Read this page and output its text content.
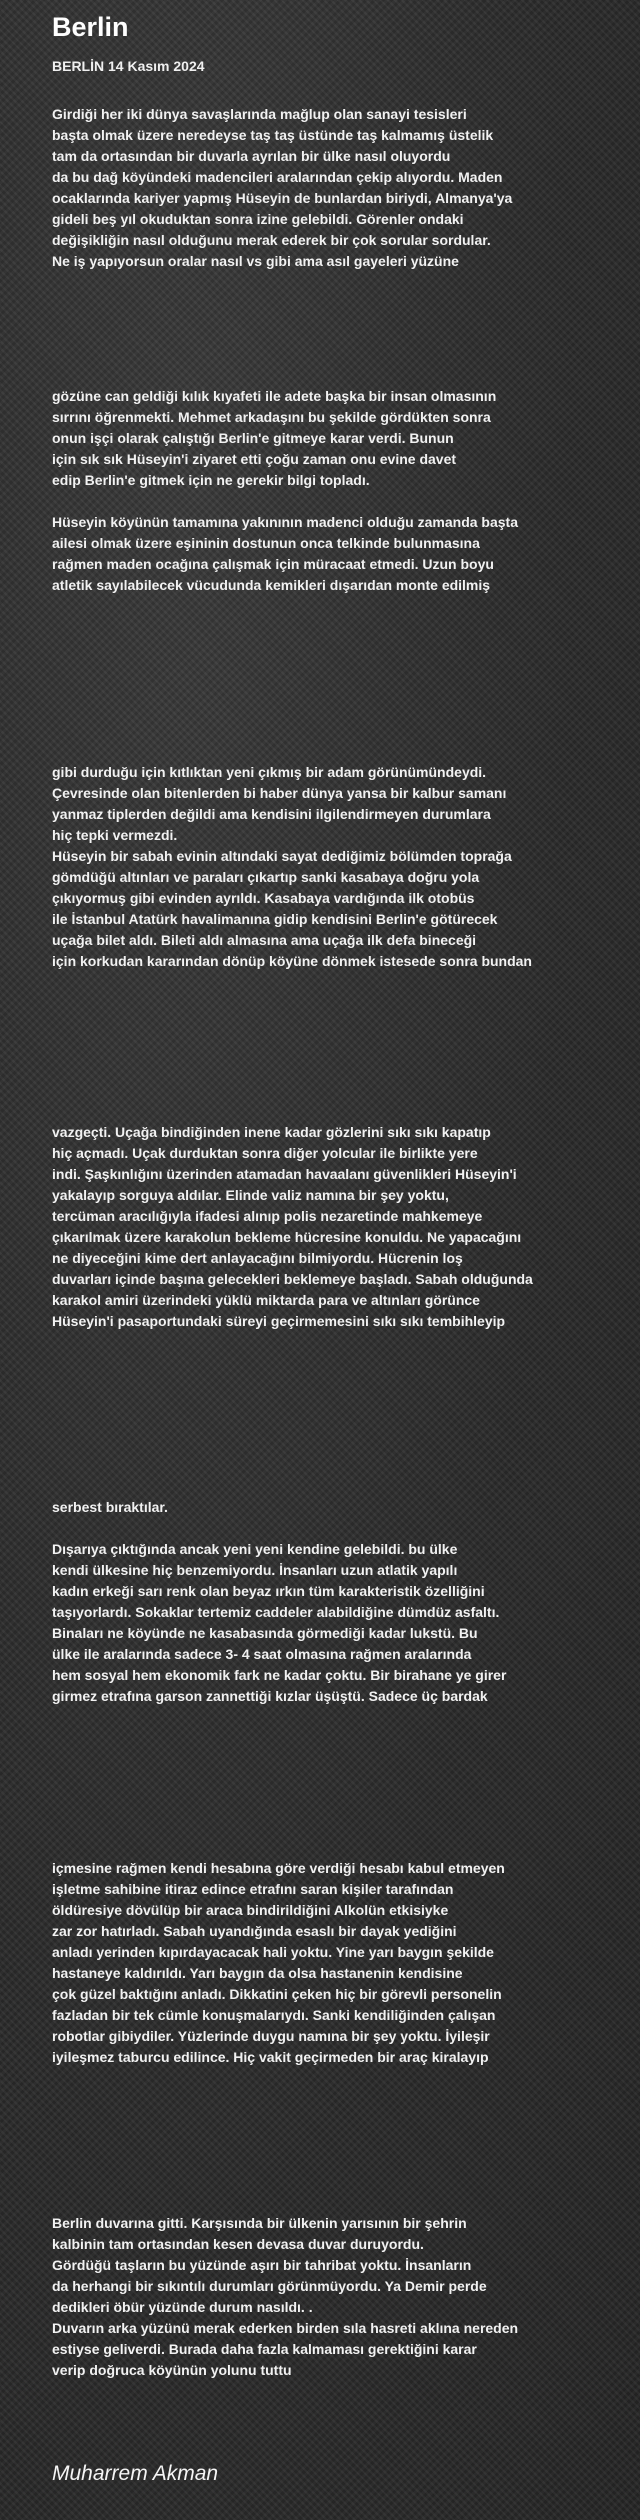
Berlin
BERLİN 14 Kasım 2024
Girdiği her iki dünya savaşlarında mağlup olan sanayi tesisleri
başta olmak üzere neredeyse taş taş üstünde taş kalmamış üstelik
tam da ortasından bir duvarla ayrılan bir ülke nasıl oluyordu
da bu dağ köyündeki madencileri aralarından çekip alıyordu. Maden
ocaklarında kariyer yapmış Hüseyin de bunlardan biriydi, Almanya'ya
gideli beş yıl okuduktan sonra izine gelebildi. Görenler ondaki
değişikliğin nasıl olduğunu merak ederek bir çok sorular sordular.
Ne iş yapıyorsun oralar nasıl vs gibi ama asıl gayeleri yüzüne
gözüne can geldiği kılık kıyafeti ile adete başka bir insan olmasının
sırrını öğrenmekti. Mehmet arkadaşını bu şekilde gördükten sonra
onun işçi olarak çalıştığı Berlin'e gitmeye karar verdi. Bunun
için sık sık Hüseyin'i ziyaret etti çoğu zaman onu evine davet
edip Berlin'e gitmek için ne gerekir bilgi topladı.
Hüseyin köyünün tamamına yakınının madenci olduğu zamanda başta
ailesi olmak üzere eşininin dostunun onca telkinde bulunmasına
rağmen maden ocağına çalışmak için müracaat etmedi. Uzun boyu
atletik sayılabilecek vücudunda kemikleri dışarıdan monte edilmiş
gibi durduğu için kıtlıktan yeni çıkmış bir adam görünümündeydi.
Çevresinde olan bitenlerden bi haber dünya yansa bir kalbur samanı
yanmaz tiplerden değildi ama kendisini ilgilendirmeyen durumlara
hiç tepki vermezdi.
Hüseyin bir sabah evinin altındaki sayat dediğimiz bölümden toprağa
gömdüğü altınları ve paraları çıkartıp sanki kasabaya doğru yola
çıkıyormuş gibi evinden ayrıldı. Kasabaya vardığında ilk otobüs
ile İstanbul Atatürk havalimanına gidip kendisini Berlin'e götürecek
uçağa bilet aldı. Bileti aldı almasına ama uçağa ilk defa bineceği
için korkudan kararından dönüp köyüne dönmek istesede sonra bundan
vazgeçti. Uçağa bindiğinden inene kadar gözlerini sıkı sıkı kapatıp
hiç açmadı. Uçak durduktan sonra diğer yolcular ile birlikte yere
indi. Şaşkınlığını üzerinden atamadan havaalanı güvenlikleri Hüseyin'i
yakalayıp sorguya aldılar. Elinde valiz namına bir şey yoktu,
tercüman aracılığıyla ifadesi alınıp polis nezaretinde mahkemeye
çıkarılmak üzere karakolun bekleme hücresine konuldu. Ne yapacağını
ne diyeceğini kime dert anlayacağını bilmiyordu. Hücrenin loş
duvarları içinde başına gelecekleri beklemeye başladı. Sabah olduğunda
karakol amiri üzerindeki yüklü miktarda para ve altınları görünce
Hüseyin'i pasaportundaki süreyi geçirmemesini sıkı sıkı tembihleyip
serbest bıraktılar.
Dışarıya çıktığında ancak yeni yeni kendine gelebildi. bu ülke
kendi ülkesine hiç benzemiyordu. İnsanları uzun atlatik yapılı
kadın erkeği sarı renk olan beyaz ırkın tüm karakteristik özelliğini
taşıyorlardı. Sokaklar tertemiz caddeler alabildiğine dümdüz asfaltı.
Binaları ne köyünde ne kasabasında görmediği kadar lukstü. Bu
ülke ile aralarında sadece 3- 4 saat olmasına rağmen aralarında
hem sosyal hem ekonomik fark ne kadar çoktu. Bir birahane ye girer
girmez etrafına garson zannettiği kızlar üşüştü. Sadece üç bardak
içmesine rağmen kendi hesabına göre verdiği hesabı kabul etmeyen
işletme sahibine itiraz edince etrafını saran kişiler tarafından
öldüresiye dövülüp bir araca bindirildiğini Alkolün etkisiyke
zar zor hatırladı. Sabah uyandığında esaslı bir dayak yediğini
anladı yerinden kıpırdayacacak hali yoktu. Yine yarı baygın şekilde
hastaneye kaldırıldı. Yarı baygın da olsa hastanenin kendisine
çok güzel baktığını anladı. Dikkatini çeken hiç bir görevli personelin
fazladan bir tek cümle konuşmalarıydı. Sanki kendiliğinden çalışan
robotlar gibiydiler. Yüzlerinde duygu namına bir şey yoktu. İyileşir
iyileşmez taburcu edilince. Hiç vakit geçirmeden bir araç kiralayıp
Berlin duvarına gitti. Karşısında bir ülkenin yarısının bir şehrin
kalbinin tam ortasından kesen devasa duvar duruyordu.
Gördüğü taşların bu yüzünde aşırı bir tahribat yoktu. İnsanların
da herhangi bir sıkıntılı durumları görünmüyordu. Ya Demir perde
dedikleri öbür yüzünde durum nasıldı. .
Duvarın arka yüzünü merak ederken birden sıla hasreti aklına nereden
estiyse geliverdi. Burada daha fazla kalmaması gerektiğini karar
verip doğruca köyünün yolunu tuttu
Muharrem Akman
